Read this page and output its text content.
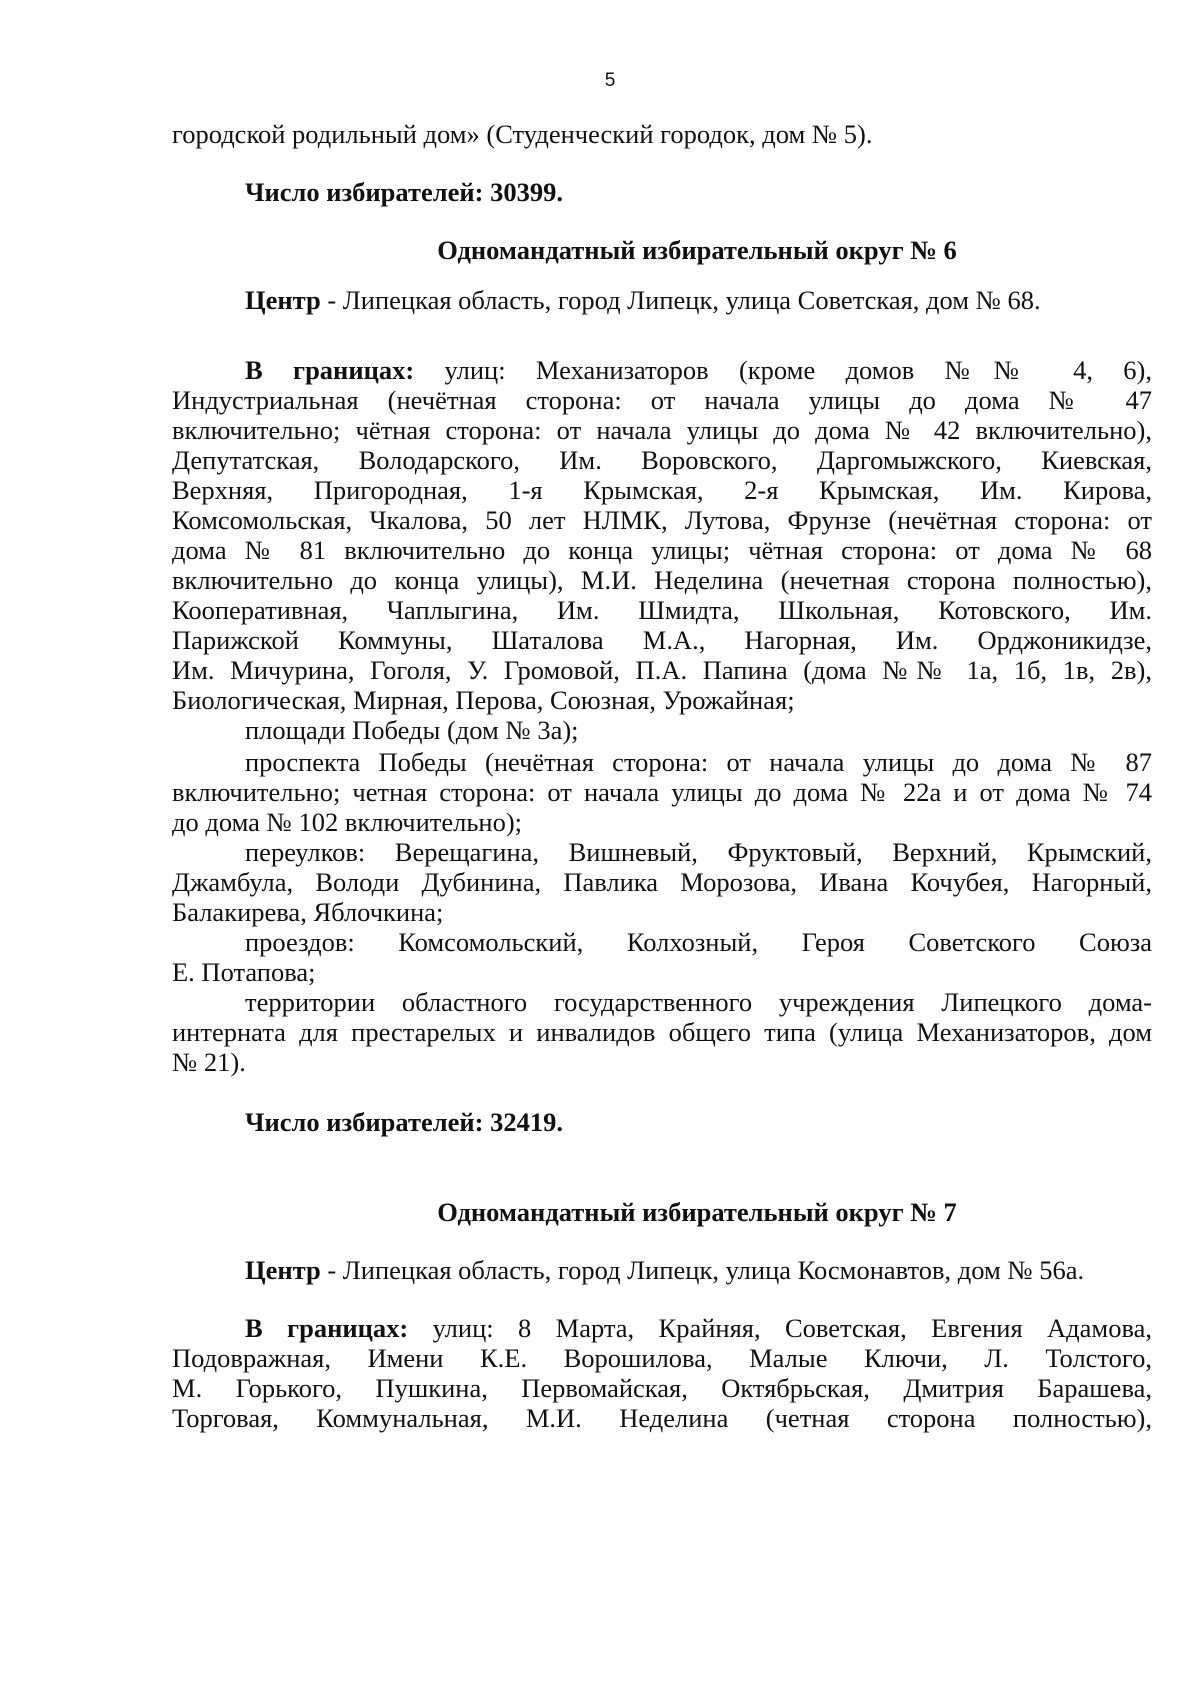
5
городской родильный дом» (Студенческий городок, дом № 5).
Число избирателей: 30399.
Одномандатный избирательный округ № 6
Центр - Липецкая область, город Липецк, улица Советская, дом № 68.
В границах: улиц: Механизаторов (кроме домов №№ 4, 6),
Индустриальная (нечётная сторона: от начала улицы до дома № 47
включительно; чётная сторона: от начала улицы до дома № 42 включительно),
Депутатская, Володарского, Им. Воровского, Даргомыжского, Киевская,
Верхняя, Пригородная, 1-я Крымская, 2-я Крымская, Им. Кирова,
Комсомольская, Чкалова, 50 лет НЛМК, Лутова, Фрунзе (нечётная сторона: от
дома № 81 включительно до конца улицы; чётная сторона: от дома № 68
включительно до конца улицы), М.И. Неделина (нечетная сторона полностью),
Кооперативная, Чаплыгина, Им. Шмидта, Школьная, Котовского, Им.
Парижской Коммуны, Шаталова М.А., Нагорная, Им. Орджоникидзе,
Им. Мичурина, Гоголя, У. Громовой, П.А. Папина (дома №№ 1а, 1б, 1в, 2в),
Биологическая, Мирная, Перова, Союзная, Урожайная;
площади Победы (дом № 3а);
проспекта Победы (нечётная сторона: от начала улицы до дома № 87
включительно; четная сторона: от начала улицы до дома № 22а и от дома № 74
до дома № 102 включительно);
переулков: Верещагина, Вишневый, Фруктовый, Верхний, Крымский,
Джамбула, Володи Дубинина, Павлика Морозова, Ивана Кочубея, Нагорный,
Балакирева, Яблочкина;
проездов: Комсомольский, Колхозный, Героя Советского Союза
Е. Потапова;
территории областного государственного учреждения Липецкого дома-
интерната для престарелых и инвалидов общего типа (улица Механизаторов, дом
№ 21).
Число избирателей: 32419.
Одномандатный избирательный округ № 7
Центр - Липецкая область, город Липецк, улица Космонавтов, дом № 56а.
В границах: улиц: 8 Марта, Крайняя, Советская, Евгения Адамова,
Подовражная, Имени К.Е. Ворошилова, Малые Ключи, Л. Толстого,
М. Горького, Пушкина, Первомайская, Октябрьская, Дмитрия Барашева,
Торговая, Коммунальная, М.И. Неделина (четная сторона полностью),
